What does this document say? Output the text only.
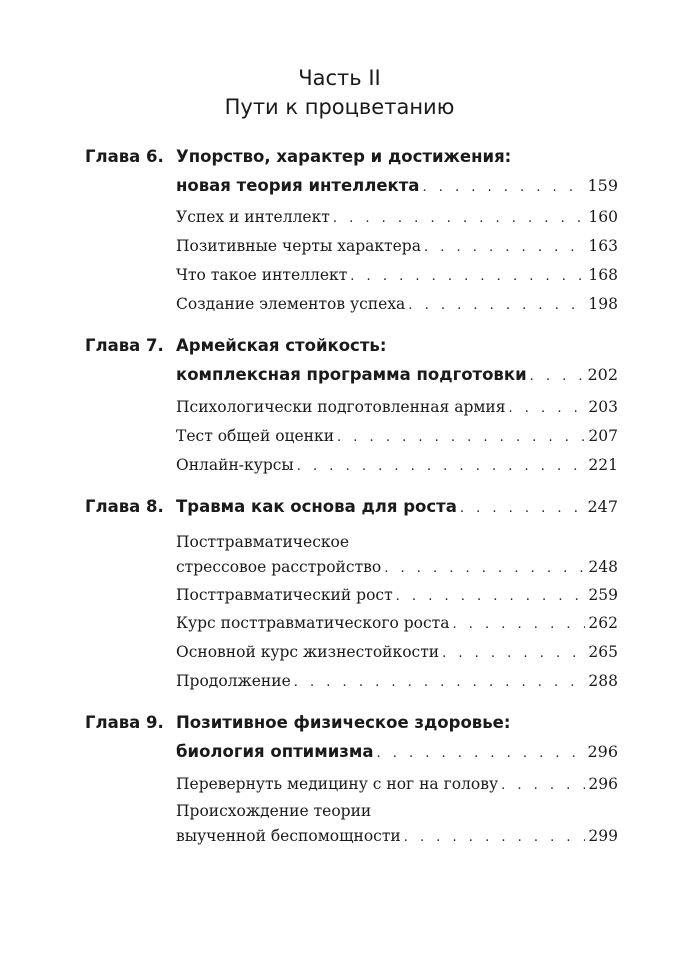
Часть II
Пути к процветанию
Глава 6. Упорство, характер и достижения:
новая теория интеллекта . . .	159
Успех и интеллект . . .	160
Позитивные черты характера . . .	163
Что такое интеллект . . .	168
Создание элементов успеха . . .	198
Глава 7. Армейская стойкость:
комплексная программа подготовки . . .	202
Психологически подготовленная армия . . .	203
Тест общей оценки . . .	207
Онлайн-курсы . . .	221
Глава 8. Травма как основа для роста . . .	247
Посттравматическое
стрессовое расстройство . . .	248
Посттравматический рост . . .	259
Курс посттравматического роста . . .	262
Основной курс жизнестойкости . . .	265
Продолжение . . .	288
Глава 9. Позитивное физическое здоровье:
биология оптимизма . . .	296
Перевернуть медицину с ног на голову . . .	296
Происхождение теории
выученной беспомощности . . .	299
